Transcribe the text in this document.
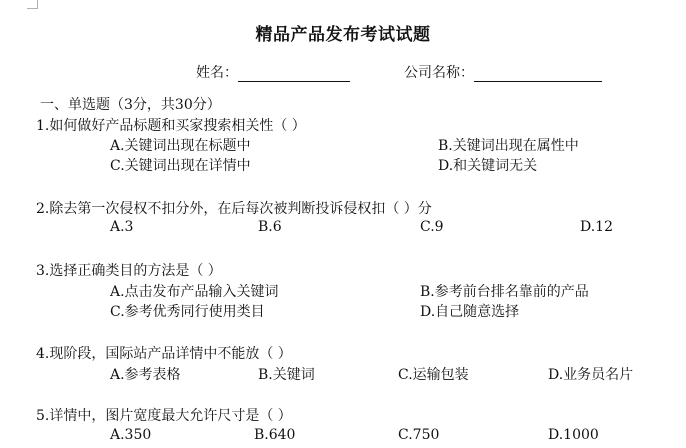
精品产品发布考试试题
姓名：	公司名称：
一、单选题（3分，共30分）
1.如何做好产品标题和买家搜索相关性（ ）
A.关键词出现在标题中	B.关键词出现在属性中
C.关键词出现在详情中	D.和关键词无关
2.除去第一次侵权不扣分外，在后每次被判断投诉侵权扣（ ）分
A.3	B.6	C.9	D.12
3.选择正确类目的方法是（ ）
A.点击发布产品输入关键词	B.参考前台排名靠前的产品
C.参考优秀同行使用类目	D.自己随意选择
4.现阶段，国际站产品详情中不能放（ ）
A.参考表格	B.关键词	C.运输包装	D.业务员名片
5.详情中，图片宽度最大允许尺寸是（ ）
A.350	B.640	C.750	D.1000
